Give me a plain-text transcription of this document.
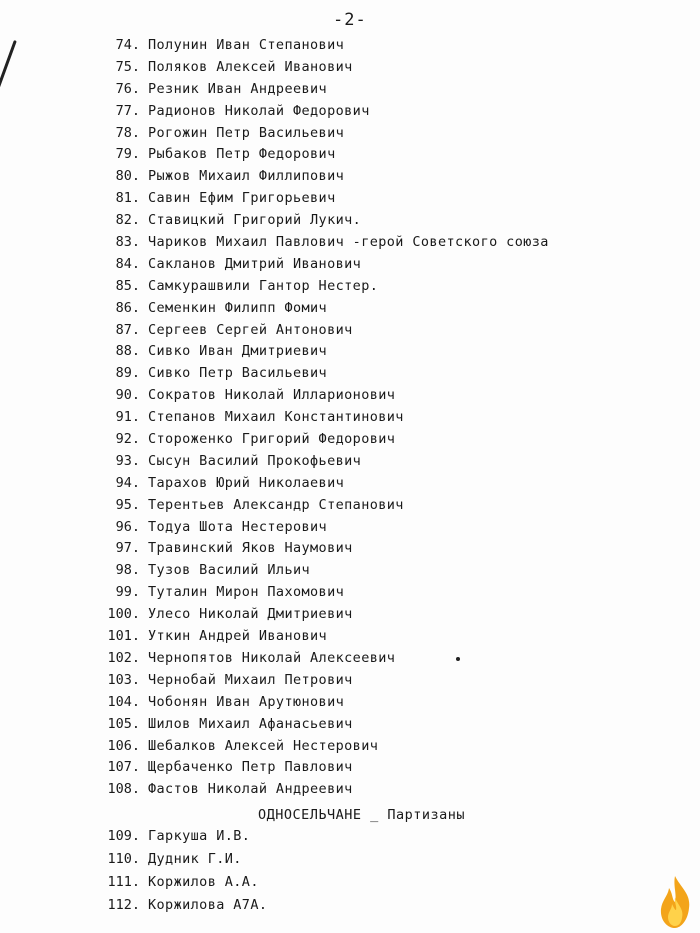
-2-
74. Полунин Иван Степанович
75. Поляков Алексей Иванович
76. Резник Иван Андреевич
77. Радионов Николай Федорович
78. Рогожин Петр Васильевич
79. Рыбаков Петр Федорович
80. Рыжов Михаил Филлипович
81. Савин Ефим Григорьевич
82. Ставицкий Григорий Лукич.
83. Чариков Михаил Павлович -герой Советского союза
84. Сакланов Дмитрий Иванович
85. Самкурашвили Гантор Нестер.
86. Семенкин Филипп Фомич
87. Сергеев Сергей Антонович
88. Сивко Иван Дмитриевич
89. Сивко Петр Васильевич
90. Сократов Николай Илларионович
91. Степанов Михаил Константинович
92. Стороженко Григорий Федорович
93. Сысун Василий Прокофьевич
94. Тарахов Юрий Николаевич
95. Терентьев Александр Степанович
96. Тодуа Шота Нестерович
97. Травинский Яков Наумович
98. Тузов Василий Ильич
99. Туталин Мирон Пахомович
100. Улесо Николай Дмитриевич
101. Уткин Андрей Иванович
102. Чернопятов Николай Алексеевич
103. Чернобай Михаил Петрович
104. Чобонян Иван Арутюнович
105. Шилов Михаил Афанасьевич
106. Шебалков Алексей Нестерович
107. Щербаченко Петр Павлович
108. Фастов Николай Андреевич
ОДНОСЕЛЬЧАНЕ _ Партизаны
109. Гаркуша И.В.
110. Дудник Г.И.
111. Коржилов А.А.
112. Коржилова А7А.
